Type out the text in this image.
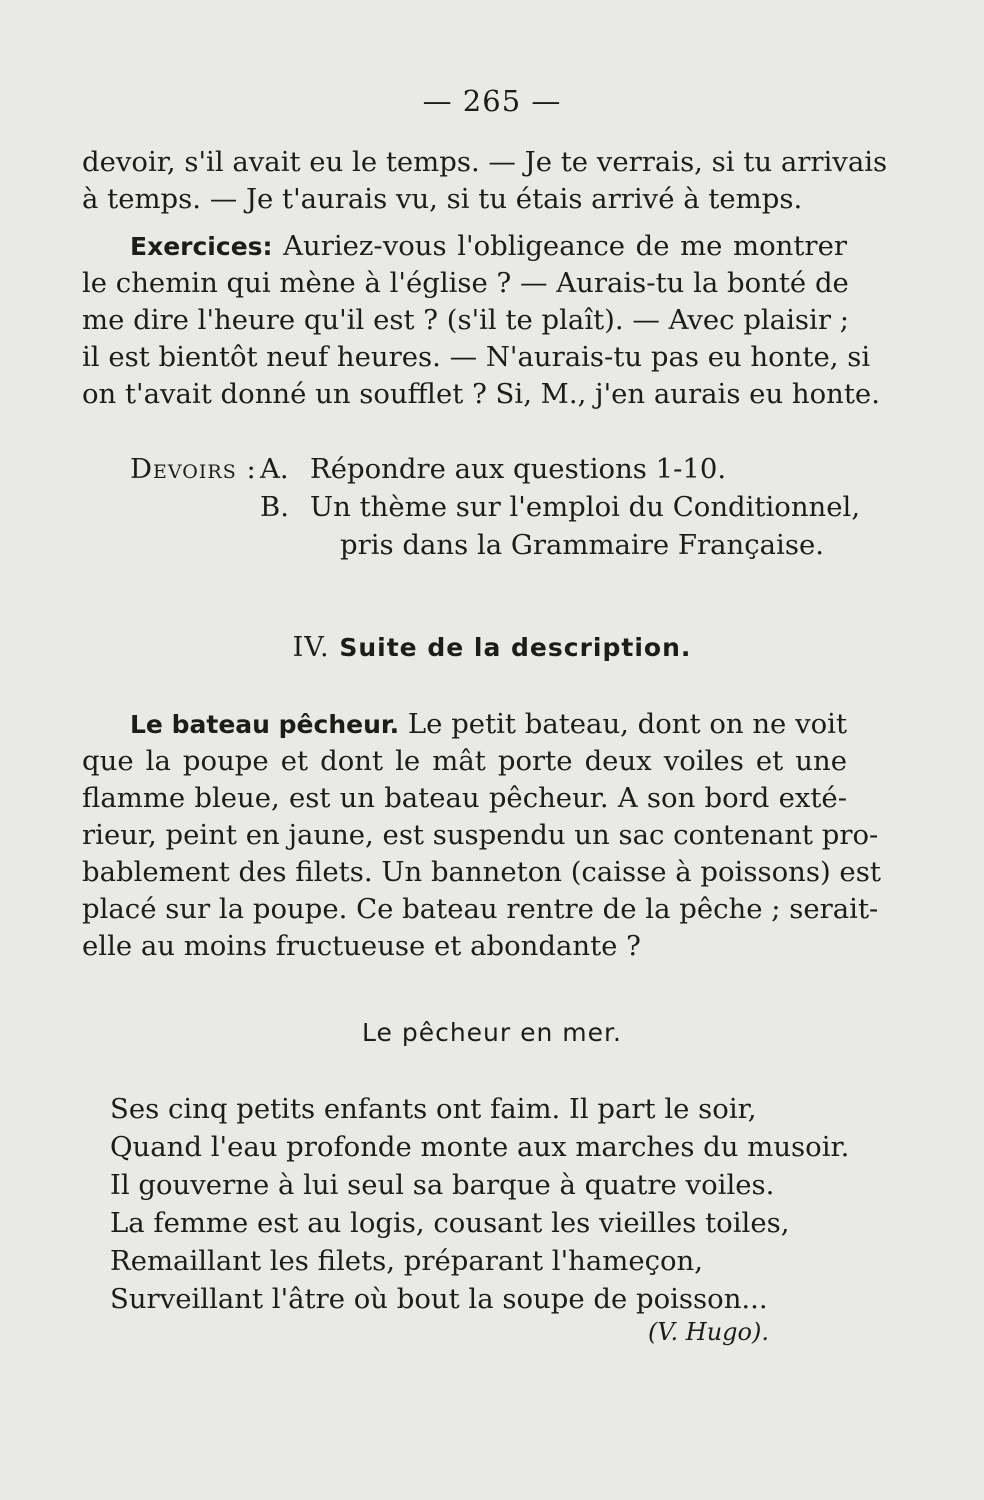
— 265 —
devoir, s'il avait eu le temps. — Je te verrais, si tu arrivais
à temps. — Je t'aurais vu, si tu étais arrivé à temps.
Exercices: Auriez-vous l'obligeance de me montrer
le chemin qui mène à l'église ? — Aurais-tu la bonté de
me dire l'heure qu'il est ? (s'il te plaît). — Avec plaisir ;
il est bientôt neuf heures. — N'aurais-tu pas eu honte, si
on t'avait donné un soufflet ? Si, M., j'en aurais eu honte.
Devoirs : A. Répondre aux questions 1-10.
B. Un thème sur l'emploi du Conditionnel,
pris dans la Grammaire Française.
IV. Suite de la description.
Le bateau pêcheur. Le petit bateau, dont on ne voit
que la poupe et dont le mât porte deux voiles et une
flamme bleue, est un bateau pêcheur. A son bord exté-
rieur, peint en jaune, est suspendu un sac contenant pro-
bablement des filets. Un banneton (caisse à poissons) est
placé sur la poupe. Ce bateau rentre de la pêche ; serait-
elle au moins fructueuse et abondante ?
Le pêcheur en mer.
Ses cinq petits enfants ont faim. Il part le soir,
Quand l'eau profonde monte aux marches du musoir.
Il gouverne à lui seul sa barque à quatre voiles.
La femme est au logis, cousant les vieilles toiles,
Remaillant les filets, préparant l'hameçon,
Surveillant l'âtre où bout la soupe de poisson...
(V. Hugo).
